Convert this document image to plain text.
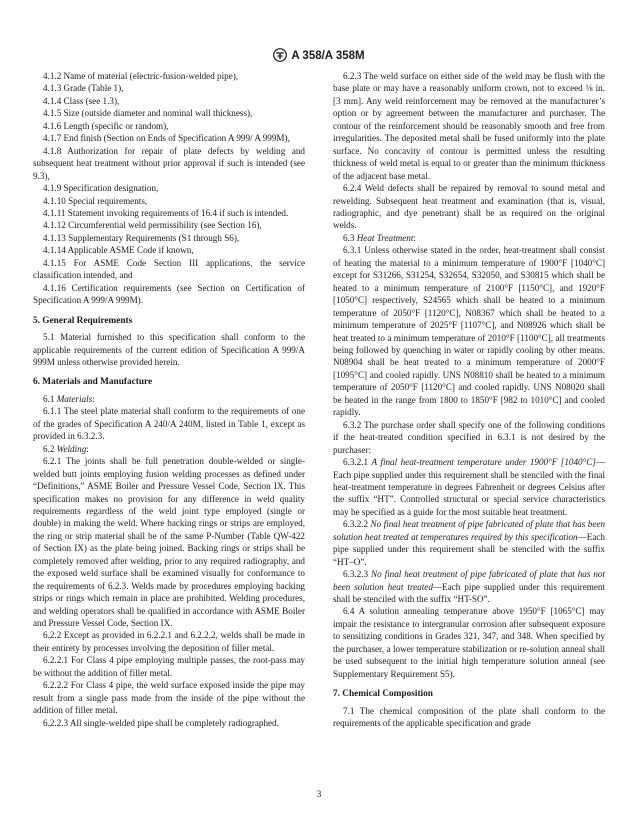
A 358/A 358M

4.1.2 Name of material (electric-fusion-welded pipe),

4.1.3 Grade (Table 1),

4.1.4 Class (see 1.3),

4.1.5 Size (outside diameter and nominal wall thickness),

4.1.6 Length (specific or random),

4.1.7 End finish (Section on Ends of Specification A 999/ A 999M),

4.1.8 Authorization for repair of plate defects by welding and subsequent heat treatment without prior approval if such is intended (see 9.3),

4.1.9 Specification designation,

4.1.10 Special requirements,

4.1.11 Statement invoking requirements of 16.4 if such is intended.

4.1.12 Circumferential weld permissibility (see Section 16),

4.1.13 Supplementary Requirements (S1 through S6),

4.1.14 Applicable ASME Code if known,

4.1.15 For ASME Code Section III applications, the service classification intended, and

4.1.16 Certification requirements (see Section on Certification of Specification A 999/A 999M).

5. General Requirements

5.1 Material furnished to this specification shall conform to the applicable requirements of the current edition of Specification A 999/A 999M unless otherwise provided herein.

6. Materials and Manufacture

6.1 Materials:

6.1.1 The steel plate material shall conform to the requirements of one of the grades of Specification A 240/A 240M, listed in Table 1, except as provided in 6.3.2.3.

6.2 Welding:

6.2.1 The joints shall be full penetration double-welded or single-welded butt joints employing fusion welding processes as defined under “Definitions,” ASME Boiler and Pressure Vessel Code, Section IX. This specification makes no provision for any difference in weld quality requirements regardless of the weld joint type employed (single or double) in making the weld. Where backing rings or strips are employed, the ring or strip material shall be of the same P-Number (Table QW-422 of Section IX) as the plate being joined. Backing rings or strips shall be completely removed after welding, prior to any required radiography, and the exposed weld surface shall be examined visually for conformance to the requirements of 6.2.3. Welds made by procedures employing backing strips or rings which remain in place are prohibited. Welding procedures, and welding operators shall be qualified in accordance with ASME Boiler and Pressure Vessel Code, Section IX.

6.2.2 Except as provided in 6.2.2.1 and 6.2.2.2, welds shall be made in their entirety by processes involving the deposition of filler metal.

6.2.2.1 For Class 4 pipe employing multiple passes, the root-pass may be without the addition of filler metal.

6.2.2.2 For Class 4 pipe, the weld surface exposed inside the pipe may result from a single pass made from the inside of the pipe without the addition of filler metal.

6.2.2.3 All single-welded pipe shall be completely radiographed.

6.2.3 The weld surface on either side of the weld may be flush with the base plate or may have a reasonably uniform crown, not to exceed ⅛ in. [3 mm]. Any weld reinforcement may be removed at the manufacturer’s option or by agreement between the manufacturer and purchaser. The contour of the reinforcement should be reasonably smooth and free from irregularities. The deposited metal shall be fused uniformly into the plate surface. No concavity of contour is permitted unless the resulting thickness of weld metal is equal to or greater than the minimum thickness of the adjacent base metal.

6.2.4 Weld defects shall be repaired by removal to sound metal and rewelding. Subsequent heat treatment and examination (that is, visual, radiographic, and dye penetrant) shall be as required on the original welds.

6.3 Heat Treatment:

6.3.1 Unless otherwise stated in the order, heat-treatment shall consist of heating the material to a minimum temperature of 1900°F [1040°C] except for S31266, S31254, S32654, S32050, and S30815 which shall be heated to a minimum temperature of 2100°F [1150°C], and 1920°F [1050°C] respectively, S24565 which shall be heated to a minimum temperature of 2050°F [1120°C], N08367 which shall be heated to a minimum temperature of 2025°F [1107°C], and N08926 which shall be heat treated to a minimum temperature of 2010°F [1100°C], all treatments being followed by quenching in water or rapidly cooling by other means. N08904 shall be heat treated to a minimum temperature of 2000°F [1095°C] and cooled rapidly. UNS N08810 shall be heated to a minimum temperature of 2050°F [1120°C] and cooled rapidly. UNS N08020 shall be heated in the range from 1800 to 1850°F [982 to 1010°C] and cooled rapidly.

6.3.2 The purchase order shall specify one of the following conditions if the heat-treated condition specified in 6.3.1 is not desired by the purchaser:

6.3.2.1 A final heat-treatment temperature under 1900°F [1040°C]—Each pipe supplied under this requirement shall be stenciled with the final heat-treatment temperature in degrees Fahrenheit or degrees Celsius after the suffix “HT”. Controlled structural or special service characteristics may be specified as a guide for the most suitable heat treatment.

6.3.2.2 No final heat treatment of pipe fabricated of plate that has been solution heat treated at temperatures required by this specification—Each pipe supplied under this requirement shall be stenciled with the suffix “HT–O”.

6.3.2.3 No final heat treatment of pipe fabricated of plate that has not been solution heat treated—Each pipe supplied under this requirement shall be stenciled with the suffix “HT-SO”.

6.4 A solution annealing temperature above 1950°F [1065°C] may impair the resistance to intergranular corrosion after subsequent exposure to sensitizing conditions in Grades 321, 347, and 348. When specified by the purchaser, a lower temperature stabilization or re-solution anneal shall be used subsequent to the initial high temperature solution anneal (see Supplementary Requirement S5).

7. Chemical Composition

7.1 The chemical composition of the plate shall conform to the requirements of the applicable specification and grade

3
